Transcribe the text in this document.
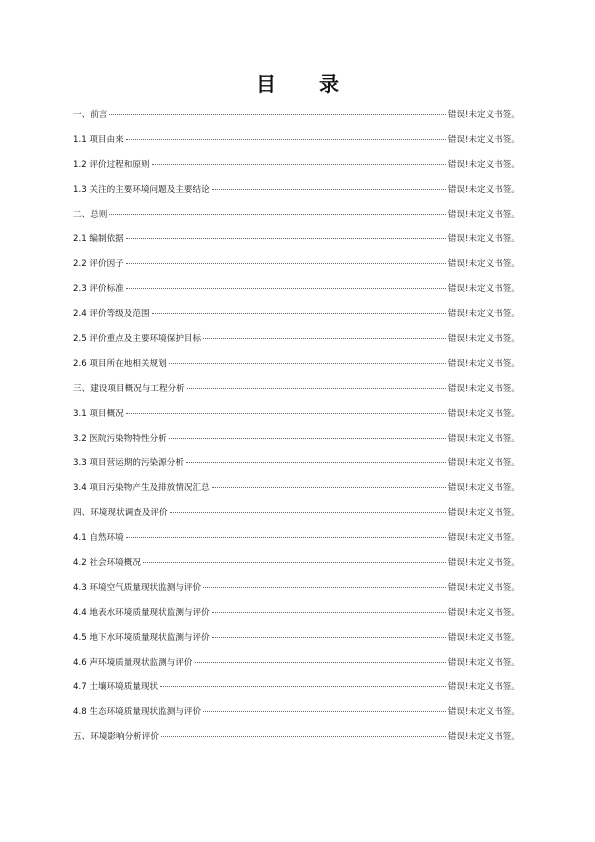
目 录
一、前言	错误!未定义书签。
1.1 项目由来	错误!未定义书签。
1.2 评价过程和原则	错误!未定义书签。
1.3 关注的主要环境问题及主要结论	错误!未定义书签。
二、总则	错误!未定义书签。
2.1 编制依据	错误!未定义书签。
2.2 评价因子	错误!未定义书签。
2.3 评价标准	错误!未定义书签。
2.4 评价等级及范围	错误!未定义书签。
2.5 评价重点及主要环境保护目标	错误!未定义书签。
2.6 项目所在地相关规划	错误!未定义书签。
三、建设项目概况与工程分析	错误!未定义书签。
3.1 项目概况	错误!未定义书签。
3.2 医院污染物特性分析	错误!未定义书签。
3.3 项目营运期的污染源分析	错误!未定义书签。
3.4 项目污染物产生及排放情况汇总	错误!未定义书签。
四、环境现状调查及评价	错误!未定义书签。
4.1 自然环境	错误!未定义书签。
4.2 社会环境概况	错误!未定义书签。
4.3 环境空气质量现状监测与评价	错误!未定义书签。
4.4 地表水环境质量现状监测与评价	错误!未定义书签。
4.5 地下水环境质量现状监测与评价	错误!未定义书签。
4.6 声环境质量现状监测与评价	错误!未定义书签。
4.7 土壤环境质量现状	错误!未定义书签。
4.8 生态环境质量现状监测与评价	错误!未定义书签。
五、环境影响分析评价	错误!未定义书签。
